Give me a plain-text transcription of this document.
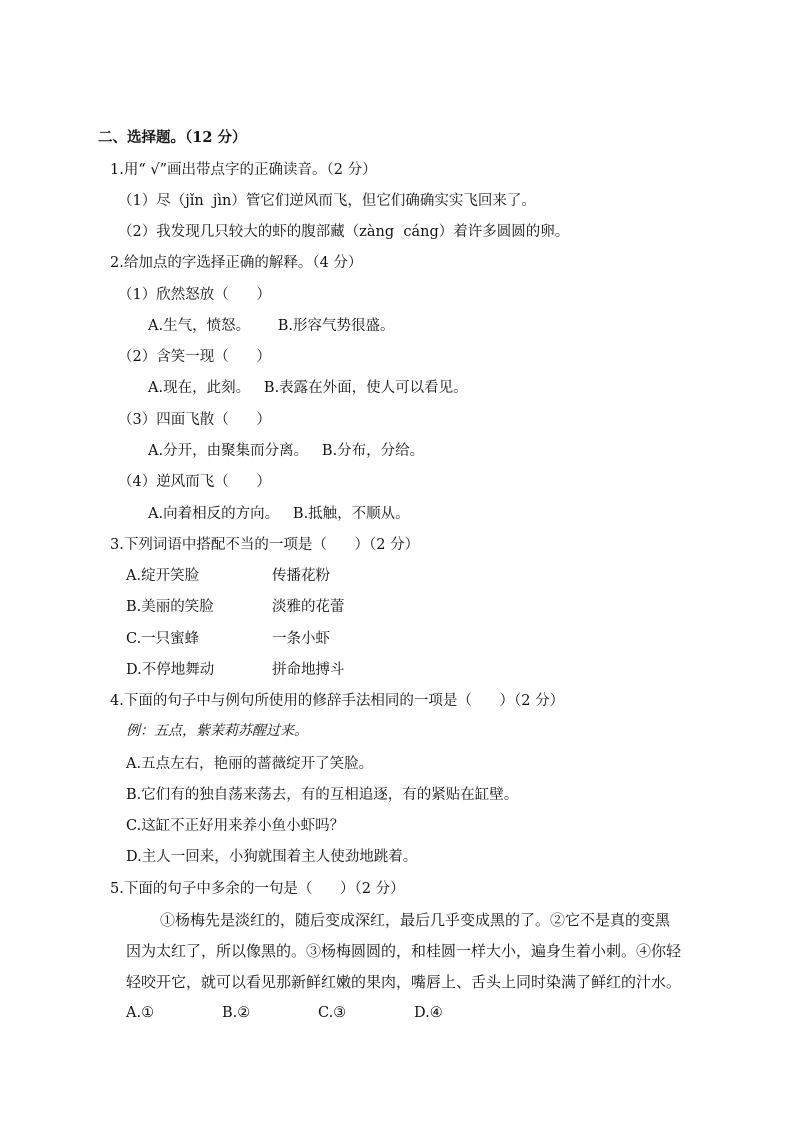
二、选择题。（12 分）
1.用“ √”画出带点字的正确读音。（2 分）
（1）尽（jǐn  jìn）管它们逆风而飞，但它们确确实实飞回来了。
（2）我发现几只较大的虾的腹部藏（zàng  cáng）着许多圆圆的卵。
2.给加点的字选择正确的解释。（4 分）
（1）欣然怒放（      ）
A.生气，愤怒。      B.形容气势很盛。
（2）含笑一现（      ）
A.现在，此刻。   B.表露在外面，使人可以看见。
（3）四面飞散（      ）
A.分开，由聚集而分离。   B.分布，分给。
（4）逆风而飞（      ）
A.向着相反的方向。   B.抵触，不顺从。
3.下列词语中搭配不当的一项是（      ）（2 分）
A.绽开笑脸	传播花粉
B.美丽的笑脸	淡雅的花蕾
C.一只蜜蜂	一条小虾
D.不停地舞动	拼命地搏斗
4.下面的句子中与例句所使用的修辞手法相同的一项是（      ）（2 分）
例：五点，紫茉莉苏醒过来。
A.五点左右，艳丽的蔷薇绽开了笑脸。
B.它们有的独自荡来荡去，有的互相追逐，有的紧贴在缸壁。
C.这缸不正好用来养小鱼小虾吗？
D.主人一回来，小狗就围着主人使劲地跳着。
5.下面的句子中多余的一句是（      ）（2 分）
①杨梅先是淡红的，随后变成深红，最后几乎变成黑的了。②它不是真的变黑
因为太红了，所以像黑的。③杨梅圆圆的，和桂圆一样大小，遍身生着小刺。④你轻
轻咬开它，就可以看见那新鲜红嫩的果肉，嘴唇上、舌头上同时染满了鲜红的汁水。
A.①	B.②	C.③	D.④
